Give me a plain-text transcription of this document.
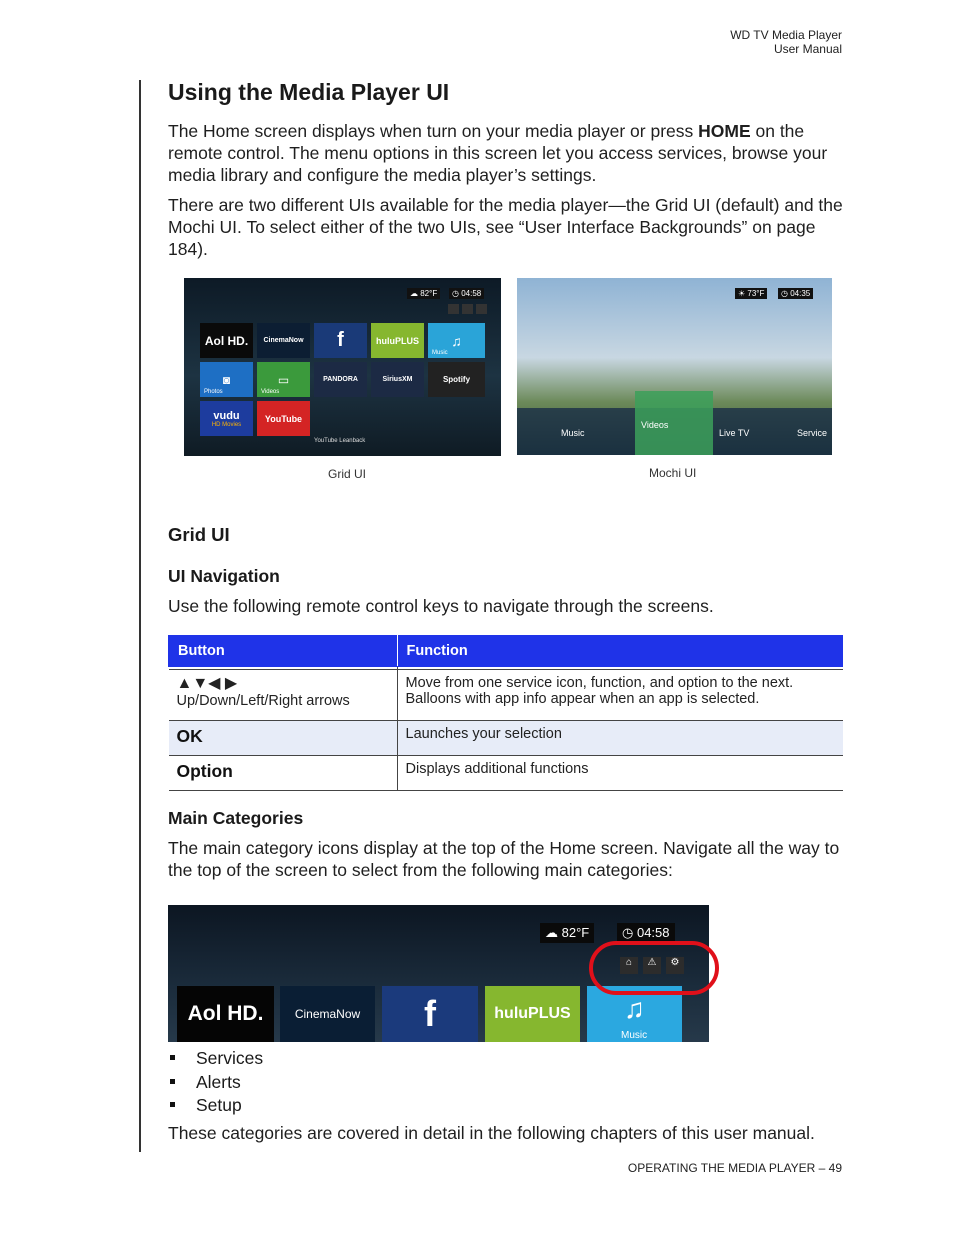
WD TV Media Player
User Manual
Using the Media Player UI

The Home screen displays when turn on your media player or press HOME on the remote control. The menu options in this screen let you access services, browse your media library and configure the media player’s settings.

There are two different UIs available for the media player—the Grid UI (default) and the Mochi UI. To select either of the two UIs, see “User Interface Backgrounds” on page 184).

☁ 82°F	◷ 04:58
Aol HD.	CinemaNow	f	huluPLUS	♫
Music
◙
Photos
▭
Videos
PANDORA	SiriusXM	Spotify
vudu
HD Movies
YouTube
YouTube Leanback
Grid UI
☀ 73°F	◷ 04:35
Music
Videos
Live TV	Service
Mochi UI
Grid UI
UI Navigation

Use the following remote control keys to navigate through the screens.

Button	Function

▲▼◀ ▶
Up/Down/Left/Right arrows	Move from one service icon, function, and option to the next. Balloons with app info appear when an app is selected.
OK	Launches your selection
Option	Displays additional functions
Main Categories

The main category icons display at the top of the Home screen. Navigate all the way to the top of the screen to select from the following main categories:

☁ 82°F	◷ 04:58
⌂	⚠	⚙
Aol HD.	CinemaNow	f	huluPLUS	♫
Music
Services
Alerts
Setup

These categories are covered in detail in the following chapters of this user manual.

OPERATING THE MEDIA PLAYER – 49
